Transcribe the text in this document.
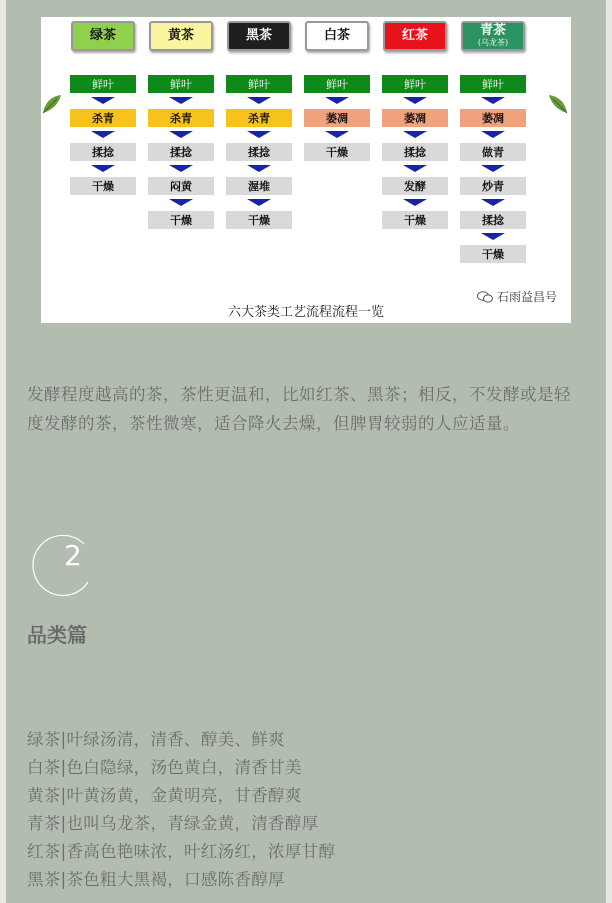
绿茶
鲜叶
杀青
揉捻
干燥
黄茶
鲜叶
杀青
揉捻
闷黄
干燥
黑茶
鲜叶
杀青
揉捻
渥堆
干燥
白茶
鲜叶
萎凋
干燥
红茶
鲜叶
萎凋
揉捻
发酵
干燥
青茶
(乌龙茶)
鲜叶
萎凋
做青
炒青
揉捻
干燥
石雨益昌号
六大茶类工艺流程流程一览
发酵程度越高的茶，茶性更温和，比如红茶、黑茶；相反，不发酵或是轻度发酵的茶，茶性微寒，适合降火去燥，但脾胃较弱的人应适量。
2
品类篇
绿茶|叶绿汤清，清香、醇美、鲜爽
白茶|色白隐绿，汤色黄白，清香甘美
黄茶|叶黄汤黄，金黄明亮，甘香醇爽
青茶|也叫乌龙茶，青绿金黄，清香醇厚
红茶|香高色艳味浓，叶红汤红，浓厚甘醇
黑茶|茶色粗大黑褐，口感陈香醇厚
